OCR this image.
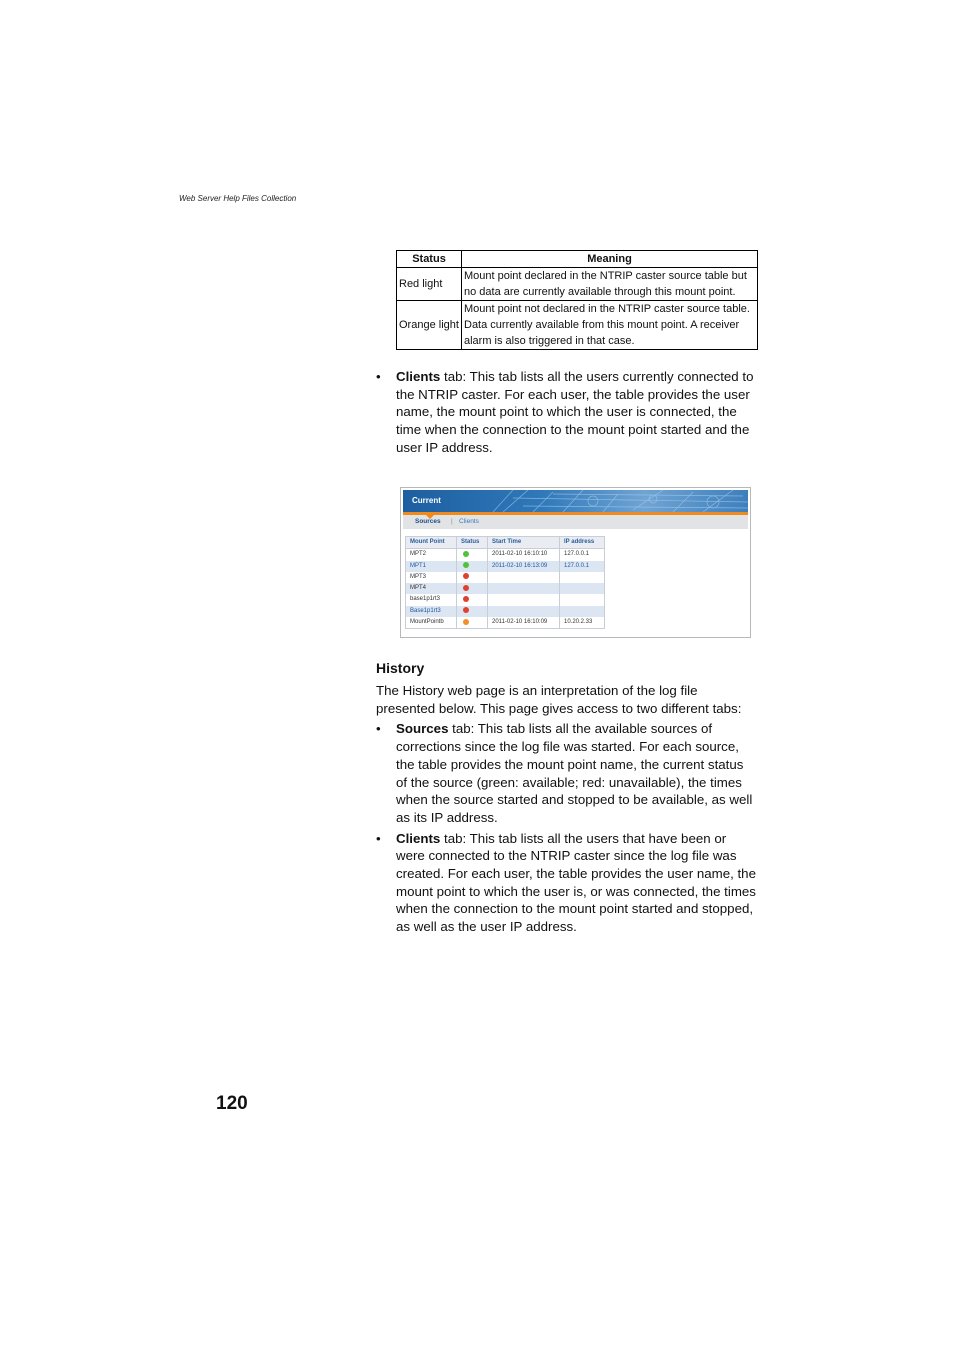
Web Server Help Files Collection
Status	Meaning
Red light	Mount point declared in the NTRIP caster source table but no data are currently available through this mount point.
Orange light	Mount point not declared in the NTRIP caster source table. Data currently available from this mount point. A receiver alarm is also triggered in that case.
• Clients tab: This tab lists all the users currently connected to the NTRIP caster. For each user, the table provides the user name, the mount point to which the user is connected, the time when the connection to the mount point started and the user IP address.
Current
Sources | Clients
Mount Point	Status	Start Time	IP address
MPT2		2011-02-10 16:10:10	127.0.0.1
MPT1		2011-02-10 16:13:09	127.0.0.1
MPT3			
MPT4			
base1p1rt3			
Base1p1rt3			
MountPointb		2011-02-10 16:10:09	10.20.2.33
History
The History web page is an interpretation of the log file presented below. This page gives access to two different tabs:
• Sources tab: This tab lists all the available sources of corrections since the log file was started. For each source, the table provides the mount point name, the current status of the source (green: available; red: unavailable), the times when the source started and stopped to be available, as well as its IP address.
• Clients tab: This tab lists all the users that have been or were connected to the NTRIP caster since the log file was created. For each user, the table provides the user name, the mount point to which the user is, or was connected, the times when the connection to the mount point started and stopped, as well as the user IP address.
120
